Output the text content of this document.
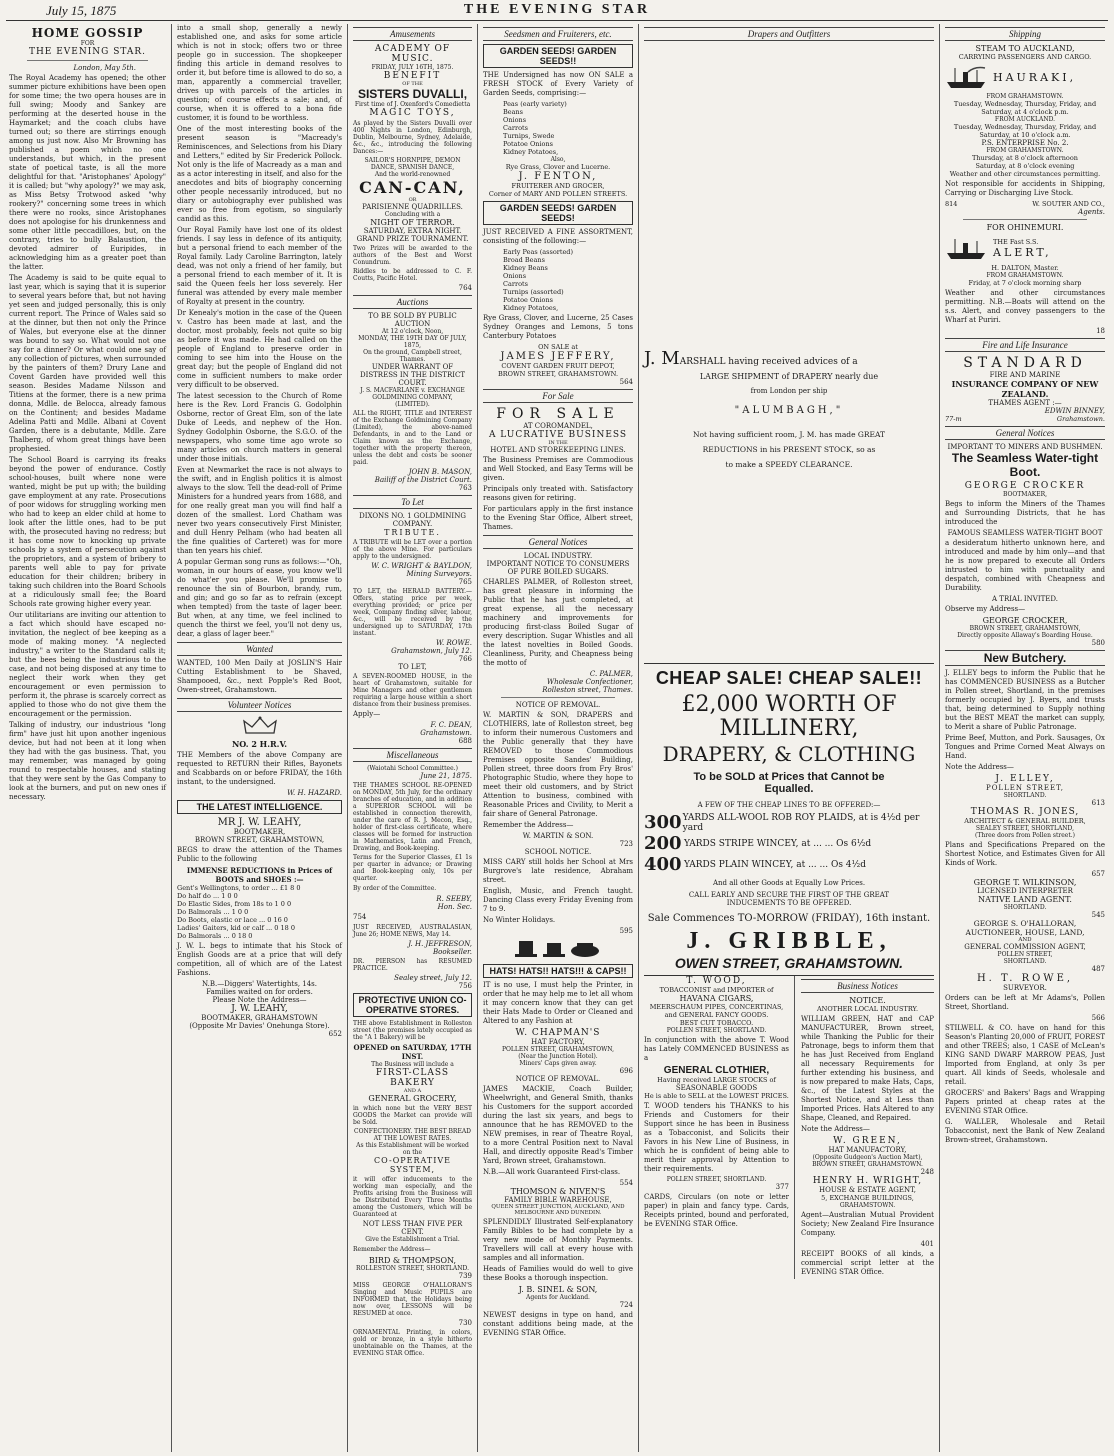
July 15, 1875	THE EVENING STAR
HOME GOSSIP
FOR
THE EVENING STAR.
London, May 5th.

The Royal Academy has opened; the other summer picture exhibitions have been open for some time; the two opera houses are in full swing; Moody and Sankey are performing at the deserted house in the Haymarket; and the coach clubs have turned out; so there are stirrings enough among us just now. Also Mr Browning has published a poem which no one understands, but which, in the present state of poetical taste, is all the more delightful for that. "Aristophanes' Apology" it is called; but "why apology?" we may ask, as Miss Betsy Trotwood asked "why rookery?" concerning some trees in which there were no rooks, since Aristophanes does not apologise for his drunkenness and some other little peccadilloes, but, on the contrary, tries to bully Balaustion, the devoted admirer of Euripides, in acknowledging him as a greater poet than the latter.

The Academy is said to be quite equal to last year, which is saying that it is superior to several years before that, but not having yet seen and judged personally, this is only current report. The Prince of Wales said so at the dinner, but then not only the Prince of Wales, but everyone else at the dinner was bound to say so. What would not one say for a dinner? Or what could one say of any collection of pictures, when surrounded by the painters of them? Drury Lane and Covent Garden have provided well this season. Besides Madame Nilsson and Titiens at the former, there is a new prima donna, Mdlle. de Belocca, already famous on the Continent; and besides Madame Adelina Patti and Mdlle. Albani at Covent Garden, there is a debutante, Mdlle. Zare Thalberg, of whom great things have been prophesied.

The School Board is carrying its freaks beyond the power of endurance. Costly school-houses, built where none were wanted, might be put up with; the building gave employment at any rate. Prosecutions of poor widows for struggling working men who had to keep an elder child at home to look after the little ones, had to be put with, the prosecuted having no redress; but it has come now to knocking up private schools by a system of persecution against the proprietors, and a system of bribery to parents well able to pay for private education for their children; bribery in taking such children into the Board Schools at a ridiculously small fee; the Board Schools rate growing higher every year.

Our utilitarians are inviting our attention to a fact which should have escaped no-invitation, the neglect of bee keeping as a mode of making money. "A neglected industry," a writer to the Standard calls it; but the bees being the industrious to the case, and not being disposed at any time to neglect their work when they get encouragement or even permission to perform it, the phrase is scarcely correct as applied to those who do not give them the encouragement or the permission.

Talking of industry, our industrious "long firm" have just hit upon another ingenious device, but had not been at it long when they had with the gas business. That, you may remember, was managed by going round to respectable houses, and stating that they were sent by the Gas Company to look at the burners, and put on new ones if necessary.

into a small shop, generally a newly established one, and asks for some article which is not in stock; offers two or three people go in succession. The shopkeeper finding this article in demand resolves to order it, but before time is allowed to do so, a man, apparently a commercial traveller, drives up with parcels of the articles in question; of course effects a sale; and, of course, when it is offered to a bona fide customer, it is found to be worthless.

One of the most interesting books of the present season is "Macready's Reminiscences, and Selections from his Diary and Letters," edited by Sir Frederick Pollock. Not only is the life of Macready as a man and as a actor interesting in itself, and also for the anecdotes and bits of biography concerning other people necessarily introduced, but no diary or autobiography ever published was ever so free from egotism, so singularly candid as this.

Our Royal Family have lost one of its oldest friends. I say less in defence of its antiquity, but a personal friend to each member of the Royal family. Lady Caroline Barrington, lately dead, was not only a friend of her family, but a personal friend to each member of it. It is said the Queen feels her loss severely. Her funeral was attended by every male member of Royalty at present in the country.

Dr Kenealy's motion in the case of the Queen v. Castro has been made at last, and the doctor, most probably, feels not quite so big as before it was made. He had called on the people of England to preserve order in coming to see him into the House on the great day; but the people of England did not come in sufficient numbers to make order very difficult to be observed.

The latest secession to the Church of Rome here is the Rev. Lord Francis G. Godolphin Osborne, rector of Great Elm, son of the late Duke of Leeds, and nephew of the Hon. Sydney Godolphin Osborne, the S.G.O. of the newspapers, who some time ago wrote so many articles on church matters in general under those initials.

Even at Newmarket the race is not always to the swift, and in English politics it is almost always to the slow. Tell the dead-roll of Prime Ministers for a hundred years from 1688, and for one really great man you will find half a dozen of the smallest. Lord Chatham was never two years consecutively First Minister, and dull Henry Pelham (who had beaten all the fine qualities of Carteret) was for more than ten years his chief.

A popular German song runs as follows:—"Oh, woman, in our hours of ease, you know we'll do what'er you please. We'll promise to renounce the sin of Bourbon, brandy, rum, and gin; and go so far as to refrain (except when tempted) from the taste of lager beer. But when, at any time, we feel inclined to quench the thirst we feel, you'll not deny us, dear, a glass of lager beer."

Wanted

WANTED, 100 Men Daily at JOSLIN'S Hair Cutting Establishment to be Shaved, Shampooed, &c., next Popple's Red Boot, Owen-street, Grahamstown.

Volunteer Notices
NO. 2 H.R.V.

THE Members of the above Company are requested to RETURN their Rifles, Bayonets and Scabbards on or before FRIDAY, the 16th instant, to the undersigned.

W. H. HAZARD.
THE LATEST INTELLIGENCE.
MR J. W. LEAHY,
BOOTMAKER,
BROWN STREET, GRAHAMSTOWN,

BEGS to draw the attention of the Thames Public to the following

IMMENSE REDUCTIONS in Prices of BOOTS and SHOES :—
Gent's Wellingtons, to order ... £1 8 0
Do half do ... 1 0 0
Do Elastic Sides, from 18s to 1 0 0
Do Balmorals ... 1 0 0
Do Boots, elastic or lace ... 0 16 0
Ladies' Gaiters, kid or calf ... 0 18 0
Do Balmorals ... 0 18 0

J. W. L. begs to intimate that his Stock of English Goods are at a price that will defy competition, all of which are of the Latest Fashions.

N.B.—Diggers' Watertights, 14s.
Families waited on for orders.
Please Note the Address—
J. W. LEAHY,
BOOTMAKER, GRAHAMSTOWN
(Opposite Mr Davies' Onehunga Store).
652
Amusements
ACADEMY OF MUSIC.
FRIDAY, JULY 16TH, 1875.
BENEFIT
OF THE
SISTERS DUVALLI,
First time of J. Oxenford's Comedietta
MAGIC TOYS,

As played by the Sisters Duvalli over 400 Nights in London, Edinburgh, Dublin, Melbourne, Sydney, Adelaide, &c., &c., introducing the following Dances:—

SAILOR'S HORNPIPE, DEMON DANCE, SPANISH DANCE,
And the world-renowned
CAN-CAN,
OR
PARISIENNE QUADRILLES.
Concluding with a
NIGHT OF TERROR.
SATURDAY, EXTRA NIGHT.
GRAND PRIZE TOURNAMENT.

Two Prizes will be awarded to the authors of the Best and Worst Conundrum.

Riddles to be addressed to C. F. Coutts, Pacific Hotel.

764
Auctions
TO BE SOLD BY PUBLIC AUCTION
At 12 o'clock, Noon,
MONDAY, THE 19TH DAY OF JULY, 1875,
On the ground, Campbell street, Thames.
UNDER WARRANT OF DISTRESS IN THE DISTRICT COURT.
J. S. MACFARLANE v. EXCHANGE GOLDMINING COMPANY,
(LIMITED).

ALL the RIGHT, TITLE and INTEREST of the Exchange Goldmining Company (Limited), the above-named Defendants, in and to the Land or Claim known as the Exchange, together with the property thereon, unless the debt and costs be sooner paid.

JOHN B. MASON,
Bailiff of the District Court.
763
To Let
DIXONS NO. 1 GOLDMINING COMPANY.
TRIBUTE.

A TRIBUTE will be LET over a portion of the above Mine. For particulars apply to the undersigned.

W. C. WRIGHT & BAYLDON,
Mining Surveyors.
765

TO LET, the HERALD BATTERY.—Offers, stating price per week, everything provided; or price per week, Company finding silver, labour, &c., will be received by the undersigned up to SATURDAY, 17th instant.

W. ROWE.
Grahamstown, July 12.
766
TO LET,

A SEVEN-ROOMED HOUSE, in the heart of Grahamstown, suitable for Mine Managers and other gentlemen requiring a large house within a short distance from their business premises.

Apply—
F. C. DEAN,
Grahamstown.
688
Miscellaneous
(Waiotahi School Committee.)
June 21, 1875.

THE THAMES SCHOOL RE-OPENED on MONDAY, 5th July, for the ordinary branches of education, and in addition a SUPERIOR SCHOOL will be established in connection therewith, under the care of R. J. Mecon, Esq., holder of first-class certificate, where classes will be formed for instruction in Mathematics, Latin and French, Drawing, and Book-keeping.

Terms for the Superior Classes, £1 1s per quarter in advance; or Drawing and Book-keeping only, 10s per quarter.

By order of the Committee.
R. SEEBY,
Hon. Sec.
754

JUST RECEIVED, AUSTRALASIAN, June 26; HOME NEWS, May 14.

J. H. JEFFRESON,
Bookseller.

DR. PIERSON has RESUMED PRACTICE.

Sealey street, July 12.
756
PROTECTIVE UNION CO-OPERATIVE STORES.

THE above Establishment in Rolleston street (the premises lately occupied as the "A 1 Bakery) will be

OPENED on SATURDAY, 17TH INST.
The Business will include a
FIRST-CLASS BAKERY
AND A
GENERAL GROCERY,

in which none but the VERY BEST GOODS the Market can provide will be Sold.

CONFECTIONERY. THE BEST BREAD AT THE LOWEST RATES.
As this Establishment will be worked on the
CO-OPERATIVE SYSTEM,

it will offer inducements to the working man especially, and the Profits arising from the Business will be Distributed Every Three Months among the Customers, which will be Guaranteed at

NOT LESS THAN FIVE PER CENT.
Give the Establishment a Trial.
Remember the Address—
BIRD & THOMPSON,
ROLLESTON STREET, SHORTLAND.
739

MISS GEORGE O'HALLORAN'S Singing and Music PUPILS are INFORMED that, the Holidays being now over, LESSONS will be RESUMED at once.

730

ORNAMENTAL Printing, in colors, gold or bronze, in a style hitherto unobtainable on the Thames, at the EVENING STAR Office.

Seedsmen and Fruiterers, etc.
GARDEN SEEDS! GARDEN SEEDS!!

THE Undersigned has now ON SALE a FRESH STOCK of Every Variety of Garden Seeds, comprising:—

Peas (early variety)
Beans
Onions
Carrots
Turnips, Swede
Potatoe Onions
Kidney Potatoes,
Also,
Rye Grass, Clover and Lucerne.
J. FENTON,
FRUITERER AND GROCER,
Corner of MARY AND POLLEN STREETS.
GARDEN SEEDS! GARDEN SEEDS!

JUST RECEIVED A FINE ASSORTMENT, consisting of the following:—

Early Peas (assorted)
Broad Beans
Kidney Beans
Onions
Carrots
Turnips (assorted)
Potatoe Onions
Kidney Potatoes,

Rye Grass, Clover, and Lucerne, 25 Cases Sydney Oranges and Lemons, 5 tons Canterbury Potatoes

ON SALE at
JAMES JEFFERY,
COVENT GARDEN FRUIT DEPOT,
BROWN STREET, GRAHAMSTOWN.
564
For Sale
FOR SALE
AT COROMANDEL,
A LUCRATIVE BUSINESS
IN THE
HOTEL AND STOREKEEPING LINES.

The Business Premises are Commodious and Well Stocked, and Easy Terms will be given.

Principals only treated with. Satisfactory reasons given for retiring.

For particulars apply in the first instance to the Evening Star Office, Albert street, Thames.

General Notices
LOCAL INDUSTRY.
IMPORTANT NOTICE TO CONSUMERS OF PURE BOILED SUGARS.

CHARLES PALMER, of Rolleston street, has great pleasure in informing the Public that he has just completed, at great expense, all the necessary machinery and improvements for producing first-class Boiled Sugar of every description. Sugar Whistles and all the latest novelties in Boiled Goods. Cleanliness, Purity, and Cheapness being the motto of

C. PALMER,
Wholesale Confectioner,
Rolleston street, Thames.
NOTICE OF REMOVAL.

W. MARTIN & SON, DRAPERS and CLOTHIERS, late of Rolleston street, beg to inform their numerous Customers and the Public generally that they have REMOVED to those Commodious Premises opposite Sandes' Building, Pollen street, three doors from Fry Bros' Photographic Studio, where they hope to meet their old customers, and by Strict Attention to business, combined with Reasonable Prices and Civility, to Merit a fair share of General Patronage.

Remember the Address—
W. MARTIN & SON.
723
SCHOOL NOTICE.

MISS CARY still holds her School at Mrs Burgrove's late residence, Abraham street.

English, Music, and French taught. Dancing Class every Friday Evening from 7 to 9.

No Winter Holidays.
595
HATS! HATS!! HATS!!! & CAPS!!

IT is no use, I must help the Printer, in order that he may help me to let all whom it may concern know that they can get their Hats Made to Order or Cleaned and Altered to any Fashion at

W. CHAPMAN'S
HAT FACTORY,
POLLEN STREET, GRAHAMSTOWN,
(Near the Junction Hotel).
Miners' Caps given away.
696
NOTICE OF REMOVAL.

JAMES MACKIE, Coach Builder, Wheelwright, and General Smith, thanks his Customers for the support accorded during the last six years, and begs to announce that he has REMOVED to the NEW premises, in rear of Theatre Royal, to a more Central Position next to Naval Hall, and directly opposite Read's Timber Yard, Brown street, Grahamstown.

N.B.—All work Guaranteed First-class.
554
THOMSON & NIVEN'S
FAMILY BIBLE WAREHOUSE,
QUEEN STREET JUNCTION, AUCKLAND, AND MELBOURNE AND DUNEDIN.

SPLENDIDLY Illustrated Self-explanatory Family Bibles to be had complete by a very new mode of Monthly Payments. Travellers will call at every house with samples and all information.

Heads of Families would do well to give these Books a thorough inspection.

J. B. SINEL & SON,
Agents for Auckland.
724

NEWEST designs in type on hand, and constant additions being made, at the EVENING STAR Office.

Drapers and Outfitters

J. MARSHALL having received advices of a
LARGE SHIPMENT of DRAPERY nearly due
from London per ship
"ALUMBAGH,"
Not having sufficient room, J. M. has made GREAT
REDUCTIONS in his PRESENT STOCK, so as
to make a SPEEDY CLEARANCE.

CHEAP SALE! CHEAP SALE!!
£2,000 WORTH OF MILLINERY,
DRAPERY, & CLOTHING
To be SOLD at Prices that Cannot be
Equalled.
A FEW OF THE CHEAP LINES TO BE OFFERED:—
300 YARDS ALL-WOOL ROB ROY PLAIDS, at is 4½d per yard
200 YARDS STRIPE WINCEY, at ... ... Os 6½d
400 YARDS PLAIN WINCEY, at ... ... Os 4½d
And all other Goods at Equally Low Prices.
CALL EARLY AND SECURE THE FIRST OF THE GREAT INDUCEMENTS TO BE OFFERED.
Sale Commences TO-MORROW (FRIDAY), 16th instant.
J. GRIBBLE,
OWEN STREET, GRAHAMSTOWN.
T. WOOD,
TOBACCONIST and IMPORTER of
HAVANA CIGARS,
MEERSCHAUM PIPES, CONCERTINAS,
and GENERAL FANCY GOODS.
BEST CUT TOBACCO.
POLLEN STREET, SHORTLAND.

In conjunction with the above T. Wood has Lately COMMENCED BUSINESS as a

GENERAL CLOTHIER,
Having received LARGE STOCKS of
SEASONABLE GOODS
He is able to SELL at the LOWEST PRICES.

T. WOOD tenders his THANKS to his Friends and Customers for their Support since he has been in Business as a Tobacconist, and Solicits their Favors in his New Line of Business, in which he is confident of being able to merit their approval by Attention to their requirements.

POLLEN STREET, SHORTLAND.
377

CARDS, Circulars (on note or letter paper) in plain and fancy type. Cards, Receipts printed, bound and perforated, be EVENING STAR Office.

Business Notices
NOTICE.
ANOTHER LOCAL INDUSTRY.

WILLIAM GREEN, HAT and CAP MANUFACTURER, Brown street, while Thanking the Public for their Patronage, begs to inform them that he has Just Received from England all necessary Requirements for further extending his business, and is now prepared to make Hats, Caps, &c., of the Latest Styles at the Shortest Notice, and at Less than Imported Prices. Hats Altered to any Shape, Cleaned, and Repaired.

Note the Address—
W. GREEN,
HAT MANUFACTORY,
(Opposite Gudgeon's Auction Mart),
BROWN STREET, GRAHAMSTOWN.
248
HENRY H. WRIGHT,
HOUSE & ESTATE AGENT,
5, EXCHANGE BUILDINGS,
GRAHAMSTOWN.

Agent—Australian Mutual Provident Society; New Zealand Fire Insurance Company.

401

RECEIPT BOOKS of all kinds, a commercial script letter at the EVENING STAR Office.

Shipping
STEAM TO AUCKLAND,
CARRYING PASSENGERS AND CARGO.
HAURAKI,
FROM GRAHAMSTOWN.
Tuesday, Wednesday, Thursday, Friday, and Saturday, at 4 o'clock p.m.
FROM AUCKLAND.
Tuesday, Wednesday, Thursday, Friday, and Saturday, at 10 o'clock a.m.
P.S. ENTERPRISE No. 2.
FROM GRAHAMSTOWN.
Thursday, at 8 o'clock afternoon
Saturday, at 8 o'clock evening
Weather and other circumstances permitting.

Not responsible for accidents in Shipping, Carrying or Discharging Live Stock.

814	W. SOUTER AND CO.,
Agents.
FOR OHINEMURI.
THE Fast S.S.
ALERT,
H. DALTON, Master.
FROM GRAHAMSTOWN.
Friday, at 7 o'clock morning sharp

Weather and other circumstances permitting. N.B.—Boats will attend on the s.s. Alert, and convey passengers to the Wharf at Puriri.

18
Fire and Life Insurance
STANDARD
FIRE AND MARINE
INSURANCE COMPANY OF NEW
ZEALAND.
THAMES AGENT :—
EDWIN BINNEY,
77-m	Grahamstown.
General Notices
IMPORTANT TO MINERS AND BUSHMEN.
The Seamless Water-tight Boot.
GEORGE CROCKER
BOOTMAKER,

Begs to inform the Miners of the Thames and Surrounding Districts, that he has introduced the

FAMOUS SEAMLESS WATER-TIGHT BOOT

a desideratum hitherto unknown here, and introduced and made by him only—and that he is now prepared to execute all Orders intrusted to him with punctuality and despatch, combined with Cheapness and Durability.

A TRIAL INVITED.
Observe my Address—
GEORGE CROCKER,
BROWN STREET, GRAHAMSTOWN,
Directly opposite Allaway's Boarding House.
580
New Butchery.

J. ELLEY begs to inform the Public that he has COMMENCED BUSINESS as a Butcher in Pollen street, Shortland, in the premises formerly occupied by J. Byers, and trusts that, being determined to Supply nothing but the BEST MEAT the market can supply, to Merit a share of Public Patronage.

Prime Beef, Mutton, and Pork. Sausages, Ox Tongues and Prime Corned Meat Always on Hand.

Note the Address—
J. ELLEY,
POLLEN STREET,
SHORTLAND.
613
THOMAS R. JONES,
ARCHITECT & GENERAL BUILDER,
SEALEY STREET, SHORTLAND,
(Three doors from Pollen street.)

Plans and Specifications Prepared on the Shortest Notice, and Estimates Given for All Kinds of Work.

657
GEORGE T. WILKINSON,
LICENSED INTERPRETER
NATIVE LAND AGENT.
SHORTLAND.
545
GEORGE S. O'HALLORAN,
AUCTIONEER, HOUSE, LAND,
AND
GENERAL COMMISSION AGENT,
POLLEN STREET,
SHORTLAND.
487
H. T. ROWE,
SURVEYOR.

Orders can be left at Mr Adams's, Pollen Street, Shortland.

566

STILWELL & CO. have on hand for this Season's Planting 20,000 of FRUIT, FOREST and other TREES; also, 1 CASE of McLean's KING SAND DWARF MARROW PEAS, Just Imported from England, at only 3s per quart. All kinds of Seeds, wholesale and retail.

GROCERS' and Bakers' Bags and Wrapping Papers printed at cheap rates at the EVENING STAR Office.

G. WALLER, Wholesale and Retail Tobacconist, next the Bank of New Zealand Brown-street, Grahamstown.
